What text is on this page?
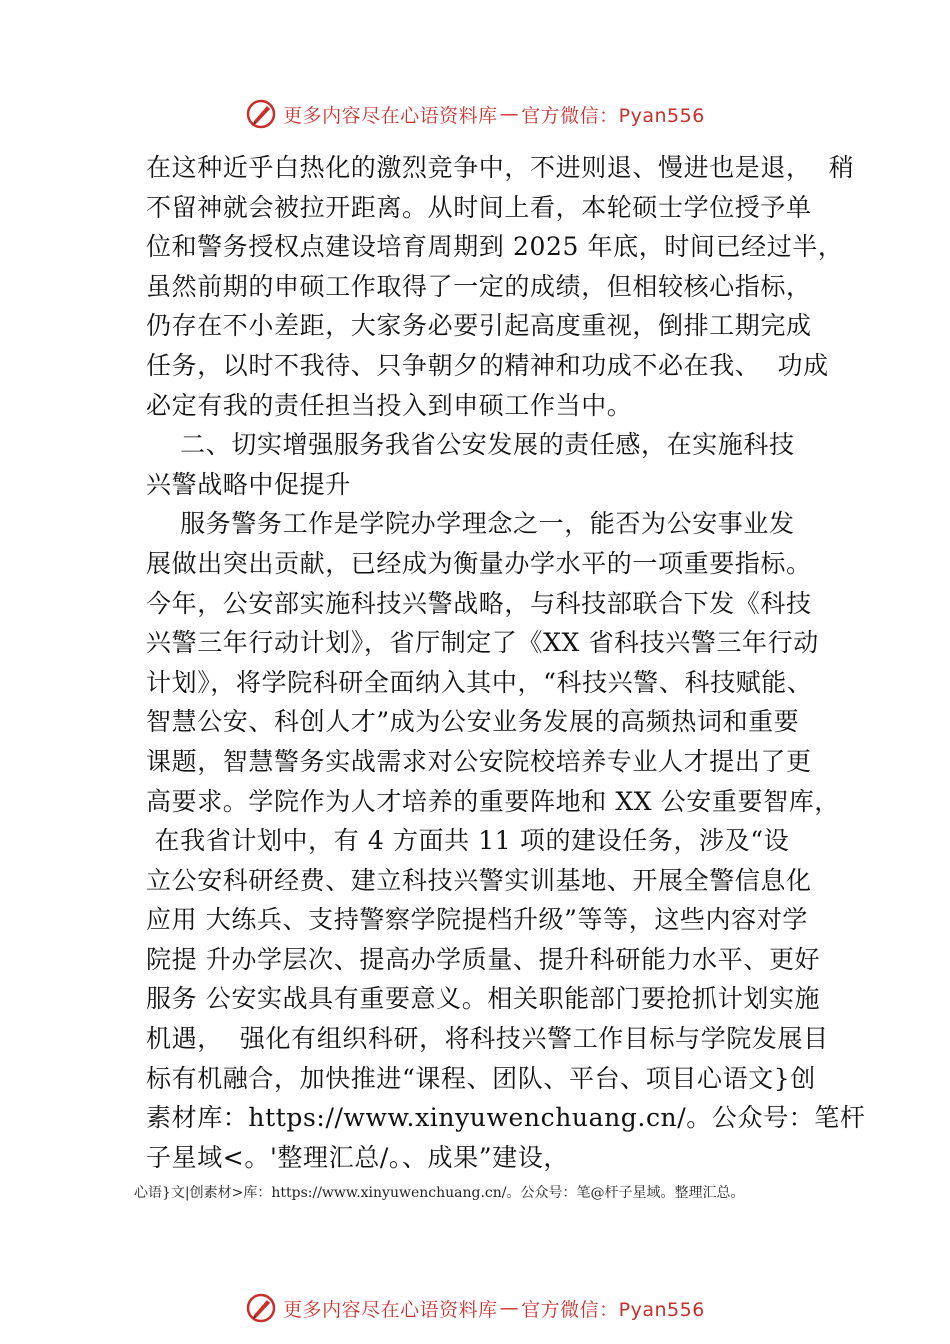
更多内容尽在心语资料库 — 官方微信：Pyan556
在这种近乎白热化的激烈竞争中，不进则退、慢进也是退，  稍
不留神就会被拉开距离。从时间上看，本轮硕士学位授予单
位和警务授权点建设培育周期到 2025 年底，时间已经过半，
虽然前期的申硕工作取得了一定的成绩，但相较核心指标，
仍存在不小差距，大家务必要引起高度重视，倒排工期完成
任务，以时不我待、只争朝夕的精神和功成不必在我、  功成
必定有我的责任担当投入到申硕工作当中。
二、切实增强服务我省公安发展的责任感，在实施科技
兴警战略中促提升
服务警务工作是学院办学理念之一，能否为公安事业发
展做出突出贡献，已经成为衡量办学水平的一项重要指标。
今年，公安部实施科技兴警战略，与科技部联合下发《科技
兴警三年行动计划》，省厅制定了《XX 省科技兴警三年行动
计划》，将学院科研全面纳入其中，“科技兴警、科技赋能、
智慧公安、科创人才”成为公安业务发展的高频热词和重要
课题，智慧警务实战需求对公安院校培养专业人才提出了更
高要求。学院作为人才培养的重要阵地和 XX 公安重要智库，
在我省计划中，有 4 方面共 11 项的建设任务，涉及“设
立公安科研经费、建立科技兴警实训基地、开展全警信息化
应用 大练兵、支持警察学院提档升级”等等，这些内容对学
院提 升办学层次、提高办学质量、提升科研能力水平、更好
服务 公安实战具有重要意义。相关职能部门要抢抓计划实施
机遇，  强化有组织科研，将科技兴警工作目标与学院发展目
标有机融合，加快推进“课程、团队、平台、项目心语文}创
素材库：https://www.xinyuwenchuang.cn/。公众号：笔杆
子星域<。'整理汇总/。、成果”建设，
心语}文|创素材>库：https://www.xinyuwenchuang.cn/。公众号：笔@杆子星域。整理汇总。
更多内容尽在心语资料库 — 官方微信：Pyan556
